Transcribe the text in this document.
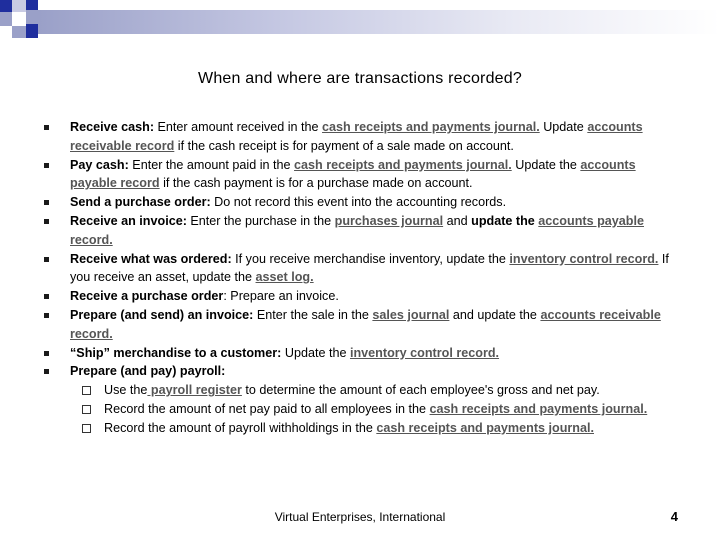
When and where are transactions recorded?
Receive cash: Enter amount received in the cash receipts and payments journal. Update accounts receivable record if the cash receipt is for payment of a sale made on account.
Pay cash: Enter the amount paid in the cash receipts and payments journal. Update the accounts payable record if the cash payment is for a purchase made on account.
Send a purchase order: Do not record this event into the accounting records.
Receive an invoice: Enter the purchase in the purchases journal and update the accounts payable record.
Receive what was ordered: If you receive merchandise inventory, update the inventory control record. If you receive an asset, update the asset log.
Receive a purchase order: Prepare an invoice.
Prepare (and send) an invoice: Enter the sale in the sales journal and update the accounts receivable record.
“Ship” merchandise to a customer: Update the inventory control record.
Prepare (and pay) payroll:
Use the payroll register to determine the amount of each employee's gross and net pay.
Record the amount of net pay paid to all employees in the cash receipts and payments journal.
Record the amount of payroll withholdings in the cash receipts and payments journal.
Virtual Enterprises, International	4
